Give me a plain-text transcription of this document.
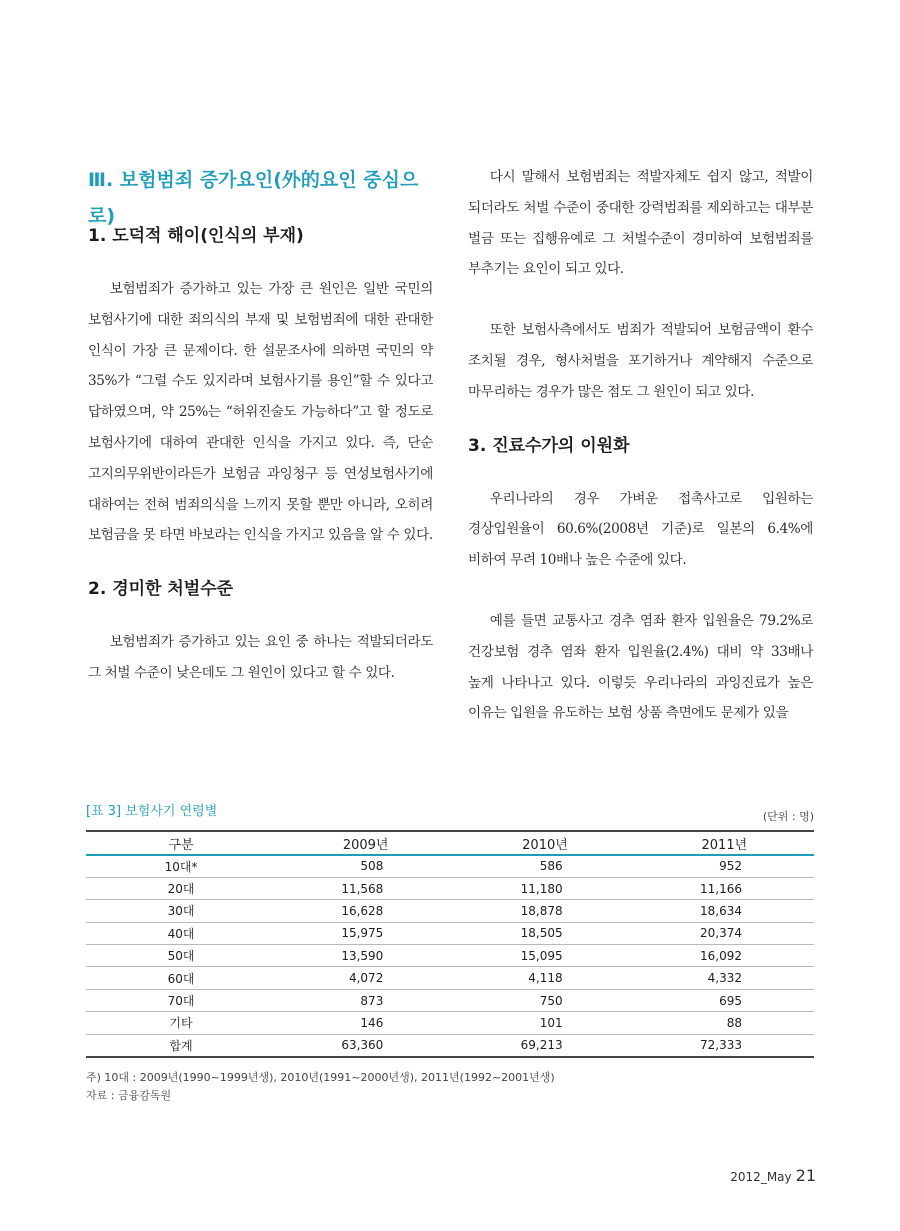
Ⅲ. 보험범죄 증가요인(外的요인 중심으로)
1. 도덕적 해이(인식의 부재)

보험범죄가 증가하고 있는 가장 큰 원인은 일반 국민의 보험사기에 대한 죄의식의 부재 및 보험범죄에 대한 관대한 인식이 가장 큰 문제이다. 한 설문조사에 의하면 국민의 약 35%가 “그럴 수도 있지라며 보험사기를 용인”할 수 있다고 답하였으며, 약 25%는 “허위진술도 가능하다”고 할 정도로 보험사기에 대하여 관대한 인식을 가지고 있다. 즉, 단순 고지의무위반이라든가 보험금 과잉청구 등 연성보험사기에 대하여는 전혀 범죄의식을 느끼지 못할 뿐만 아니라, 오히려 보험금을 못 타면 바보라는 인식을 가지고 있음을 알 수 있다.

2. 경미한 처벌수준

보험범죄가 증가하고 있는 요인 중 하나는 적발되더라도 그 처벌 수준이 낮은데도 그 원인이 있다고 할 수 있다.

다시 말해서 보험범죄는 적발자체도 쉽지 않고, 적발이 되더라도 처벌 수준이 중대한 강력범죄를 제외하고는 대부분 벌금 또는 집행유예로 그 처벌수준이 경미하여 보험범죄를 부추기는 요인이 되고 있다.

또한 보험사측에서도 범죄가 적발되어 보험금액이 환수 조치될 경우, 형사처벌을 포기하거나 계약해지 수준으로 마무리하는 경우가 많은 점도 그 원인이 되고 있다.

3. 진료수가의 이원화

우리나라의 경우 가벼운 접촉사고로 입원하는 경상입원율이 60.6%(2008년 기준)로 일본의 6.4%에 비하여 무려 10배나 높은 수준에 있다.

예를 들면 교통사고 경추 염좌 환자 입원율은 79.2%로 건강보험 경추 염좌 환자 입원율(2.4%) 대비 약 33배나 높게 나타나고 있다. 이렇듯 우리나라의 과잉진료가 높은 이유는 입원을 유도하는 보험 상품 측면에도 문제가 있을

[표 3] 보험사기 연령별	(단위 : 명)
구분	2009년	2010년	2011년
10대*	508	586	952
20대	11,568	11,180	11,166
30대	16,628	18,878	18,634
40대	15,975	18,505	20,374
50대	13,590	15,095	16,092
60대	4,072	4,118	4,332
70대	873	750	695
기타	146	101	88
합계	63,360	69,213	72,333
주) 10대 : 2009년(1990~1999년생), 2010년(1991~2000년생), 2011년(1992~2001년생)
자료 : 금융감독원
2012_May 21
